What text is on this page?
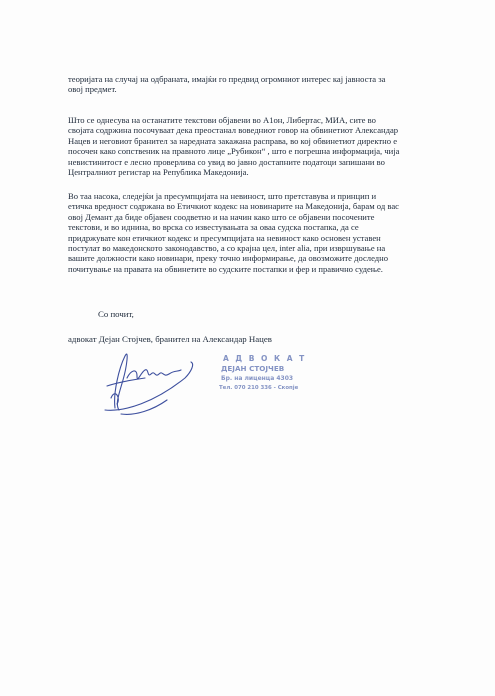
теоријата на случај на одбраната, имајќи го предвид огромниот интерес кај јавноста за
овој предмет.

Што се однесува на останатите текстови објавени во А1он, Либертас, МИА, сите во
својата содржина посочуваат дека преостанал воведниот говор на обвинетиот Александар
Нацев и неговиот бранител за наредната закажана расправа, во кој обвинетиот директно е
посочен како сопственик на правното лице „Рубикон“ , што е погрешна информација, чија
невистинитост е лесно проверлива со увид во јавно достапните податоци запишани во
Централниот регистар на Република Македонија.

Во таа насока, следејќи ја пресумпцијата на невиност, што претставува и принцип и
етичка вредност содржана во Етичкиот кодекс на новинарите на Македонија, барам од вас
овој Демант да биде објавен соодветно и на начин како што се објавени посочените
текстови, и во иднина, во врска со известувањата за оваа судска постапка, да се
придржувате кон етичкиот кодекс и пресумпцијата на невиност како основен уставен
постулат во македонското законодавство, а со крајна цел, inter alia, при извршување на
вашите должности како новинари, преку точно информирање, да овозможите доследно
почитување на правата на обвинетите во судските постапки и фер и правично судење.

Со почит,
адвокат Дејан Стојчев, бранител на Александар Нацев
А Д В О К А Т
ДЕЈАН СТОЈЧЕВ
Бр. на лиценца 4303
Тел. 070 210 336 - Скопје
